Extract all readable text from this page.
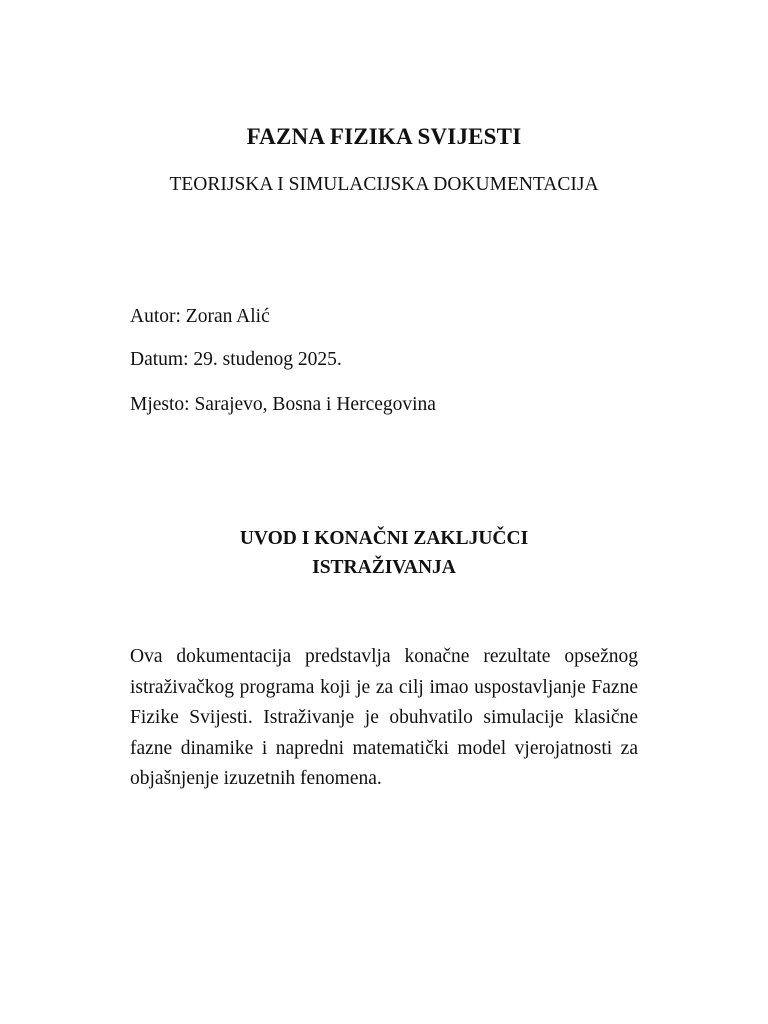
FAZNA FIZIKA SVIJESTI

TEORIJSKA I SIMULACIJSKA DOKUMENTACIJA

Autor: Zoran Alić

Datum: 29. studenog 2025.

Mjesto: Sarajevo, Bosna i Hercegovina

UVOD I KONAČNI ZAKLJUČCI
ISTRAŽIVANJA

Ova dokumentacija predstavlja konačne rezultate opsežnog istraživačkog programa koji je za cilj imao uspostavljanje Fazne Fizike Svijesti. Istraživanje je obuhvatilo simulacije klasične fazne dinamike i napredni matematički model vjerojatnosti za objašnjenje izuzetnih fenomena.
